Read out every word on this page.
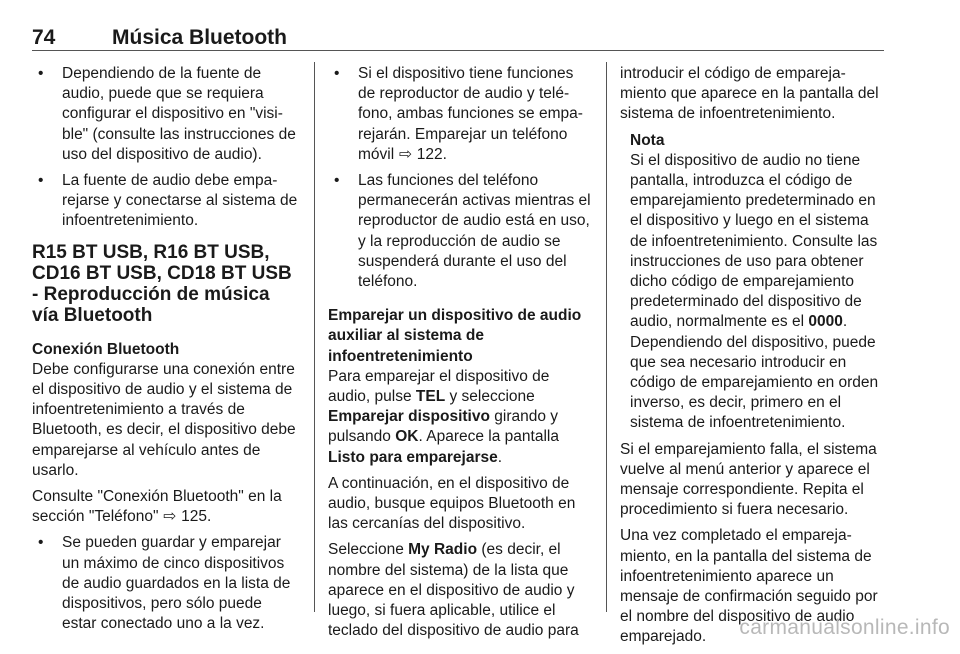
74	Música Bluetooth
• Dependiendo de la fuente de audio, puede que se requiera configurar el dispositivo en "visi- ble" (consulte las instrucciones de uso del dispositivo de audio).
• La fuente de audio debe empa- rejarse y conectarse al sistema de infoentretenimiento.
R15 BT USB, R16 BT USB, CD16 BT USB, CD18 BT USB - Reproducción de música vía Bluetooth
Conexión Bluetooth

Debe configurarse una conexión entre el dispositivo de audio y el sistema de infoentretenimiento a través de Bluetooth, es decir, el dispositivo debe emparejarse al vehículo antes de usarlo.

Consulte "Conexión Bluetooth" en la sección "Teléfono" ⇨ 125.

• Se pueden guardar y emparejar un máximo de cinco dispositivos de audio guardados en la lista de dispositivos, pero sólo puede estar conectado uno a la vez.
• Si el dispositivo tiene funciones de reproductor de audio y telé- fono, ambas funciones se empa- rejarán. Emparejar un teléfono móvil ⇨ 122.
• Las funciones del teléfono permanecerán activas mientras el reproductor de audio está en uso, y la reproducción de audio se suspenderá durante el uso del teléfono.
Emparejar un dispositivo de audio auxiliar al sistema de infoentretenimiento

Para emparejar el dispositivo de audio, pulse TEL y seleccione Emparejar dispositivo girando y pulsando OK. Aparece la pantalla Listo para emparejarse.

A continuación, en el dispositivo de audio, busque equipos Bluetooth en las cercanías del dispositivo.

Seleccione My Radio (es decir, el nombre del sistema) de la lista que aparece en el dispositivo de audio y luego, si fuera aplicable, utilice el teclado del dispositivo de audio para

introducir el código de empareja- miento que aparece en la pantalla del sistema de infoentretenimiento.

Nota

Si el dispositivo de audio no tiene pantalla, introduzca el código de emparejamiento predeterminado en el dispositivo y luego en el sistema de infoentretenimiento. Consulte las instrucciones de uso para obtener dicho código de emparejamiento predeterminado del dispositivo de audio, normalmente es el 0000. Dependiendo del dispositivo, puede que sea necesario introducir en código de emparejamiento en orden inverso, es decir, primero en el sistema de infoentretenimiento.

Si el emparejamiento falla, el sistema vuelve al menú anterior y aparece el mensaje correspondiente. Repita el procedimiento si fuera necesario.

Una vez completado el empareja- miento, en la pantalla del sistema de infoentretenimiento aparece un mensaje de confirmación seguido por el nombre del dispositivo de audio emparejado.	carmanualsonline.info
